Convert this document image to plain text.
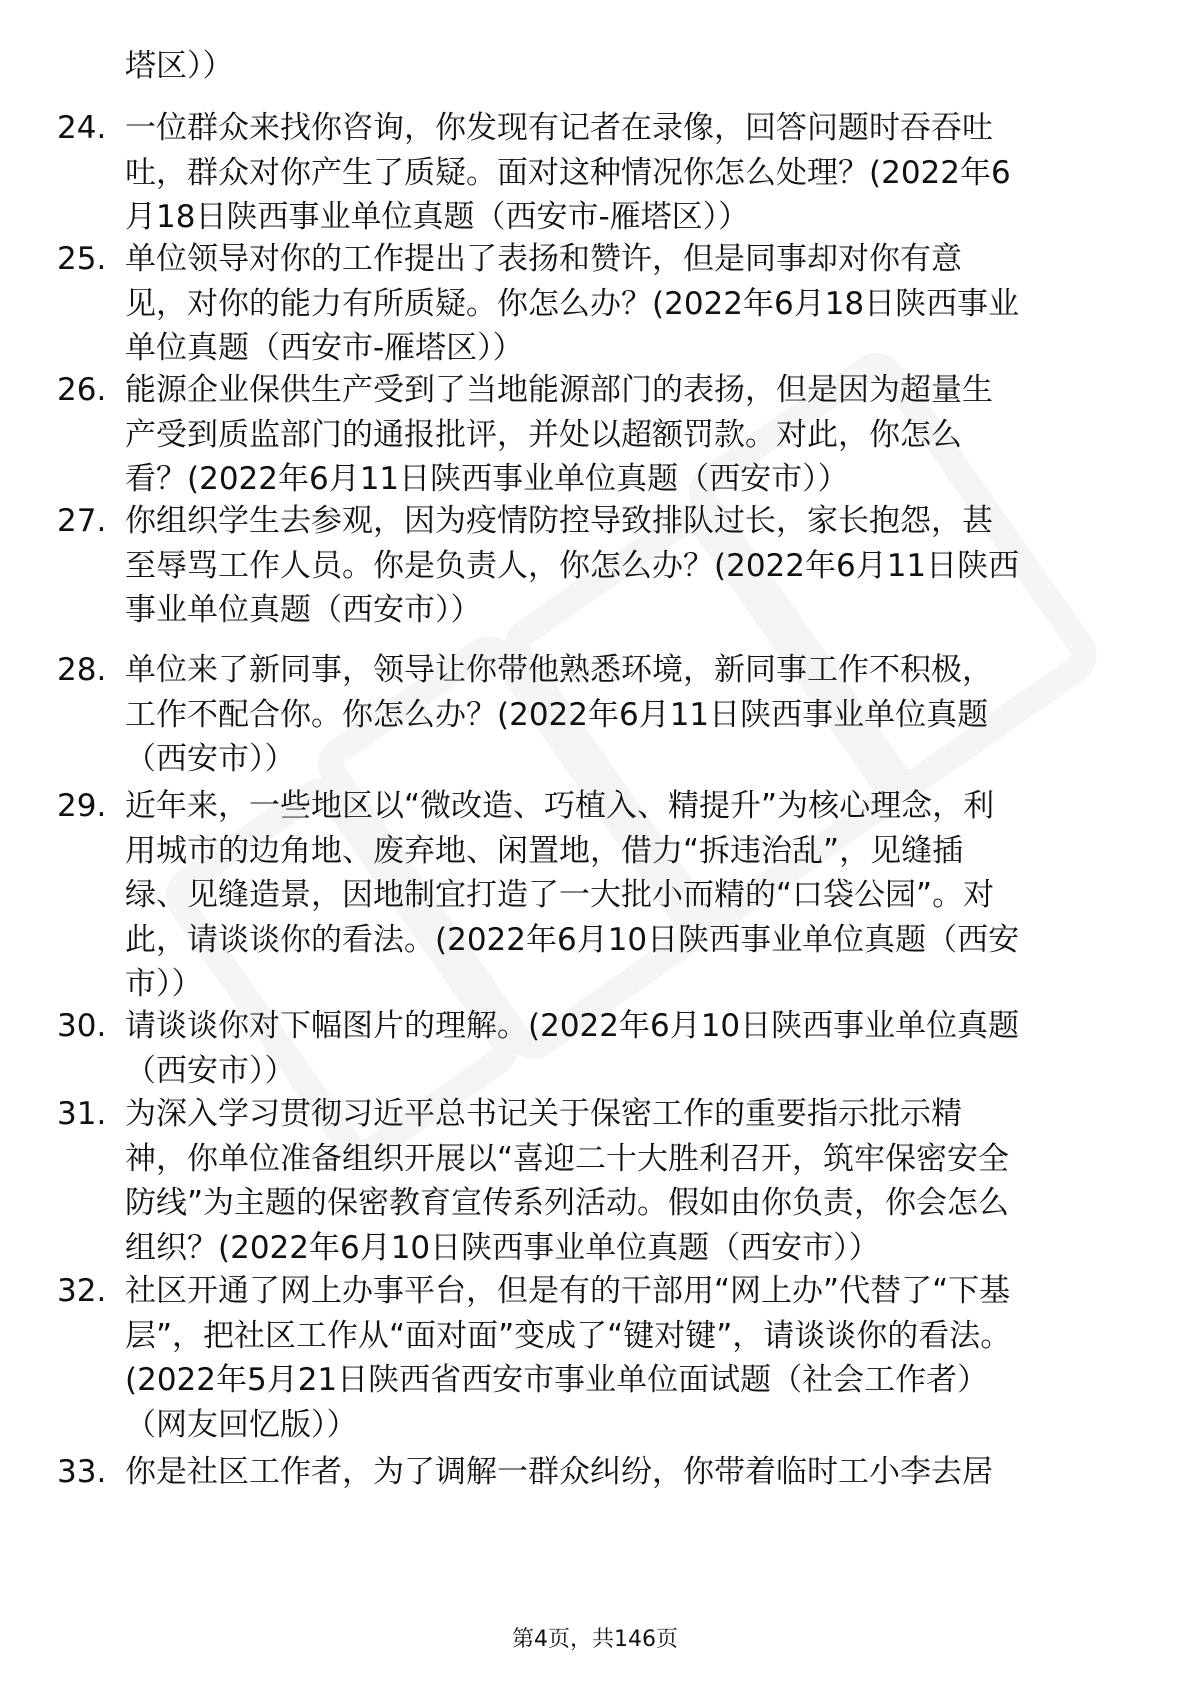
塔区））
24. 一位群众来找你咨询，你发现有记者在录像，回答问题时吞吞吐
吐，群众对你产生了质疑。面对这种情况你怎么处理？(2022年6
月18日陕西事业单位真题（西安市-雁塔区））
25. 单位领导对你的工作提出了表扬和赞许，但是同事却对你有意
见，对你的能力有所质疑。你怎么办？(2022年6月18日陕西事业
单位真题（西安市-雁塔区））
26. 能源企业保供生产受到了当地能源部门的表扬，但是因为超量生
产受到质监部门的通报批评，并处以超额罚款。对此，你怎么
看？(2022年6月11日陕西事业单位真题（西安市））
27. 你组织学生去参观，因为疫情防控导致排队过长，家长抱怨，甚
至辱骂工作人员。你是负责人，你怎么办？(2022年6月11日陕西
事业单位真题（西安市））
28. 单位来了新同事，领导让你带他熟悉环境，新同事工作不积极，
工作不配合你。你怎么办？(2022年6月11日陕西事业单位真题
（西安市））
29. 近年来，一些地区以“微改造、巧植入、精提升”为核心理念，利
用城市的边角地、废弃地、闲置地，借力“拆违治乱”，见缝插
绿、见缝造景，因地制宜打造了一大批小而精的“口袋公园”。对
此，请谈谈你的看法。(2022年6月10日陕西事业单位真题（西安
市））
30. 请谈谈你对下幅图片的理解。(2022年6月10日陕西事业单位真题
（西安市））
31. 为深入学习贯彻习近平总书记关于保密工作的重要指示批示精
神，你单位准备组织开展以“喜迎二十大胜利召开，筑牢保密安全
防线”为主题的保密教育宣传系列活动。假如由你负责，你会怎么
组织？(2022年6月10日陕西事业单位真题（西安市））
32. 社区开通了网上办事平台，但是有的干部用“网上办”代替了“下基
层”，把社区工作从“面对面”变成了“键对键”，请谈谈你的看法。
(2022年5月21日陕西省西安市事业单位面试题（社会工作者）
（网友回忆版））
33. 你是社区工作者，为了调解一群众纠纷，你带着临时工小李去居
第4页，共146页
